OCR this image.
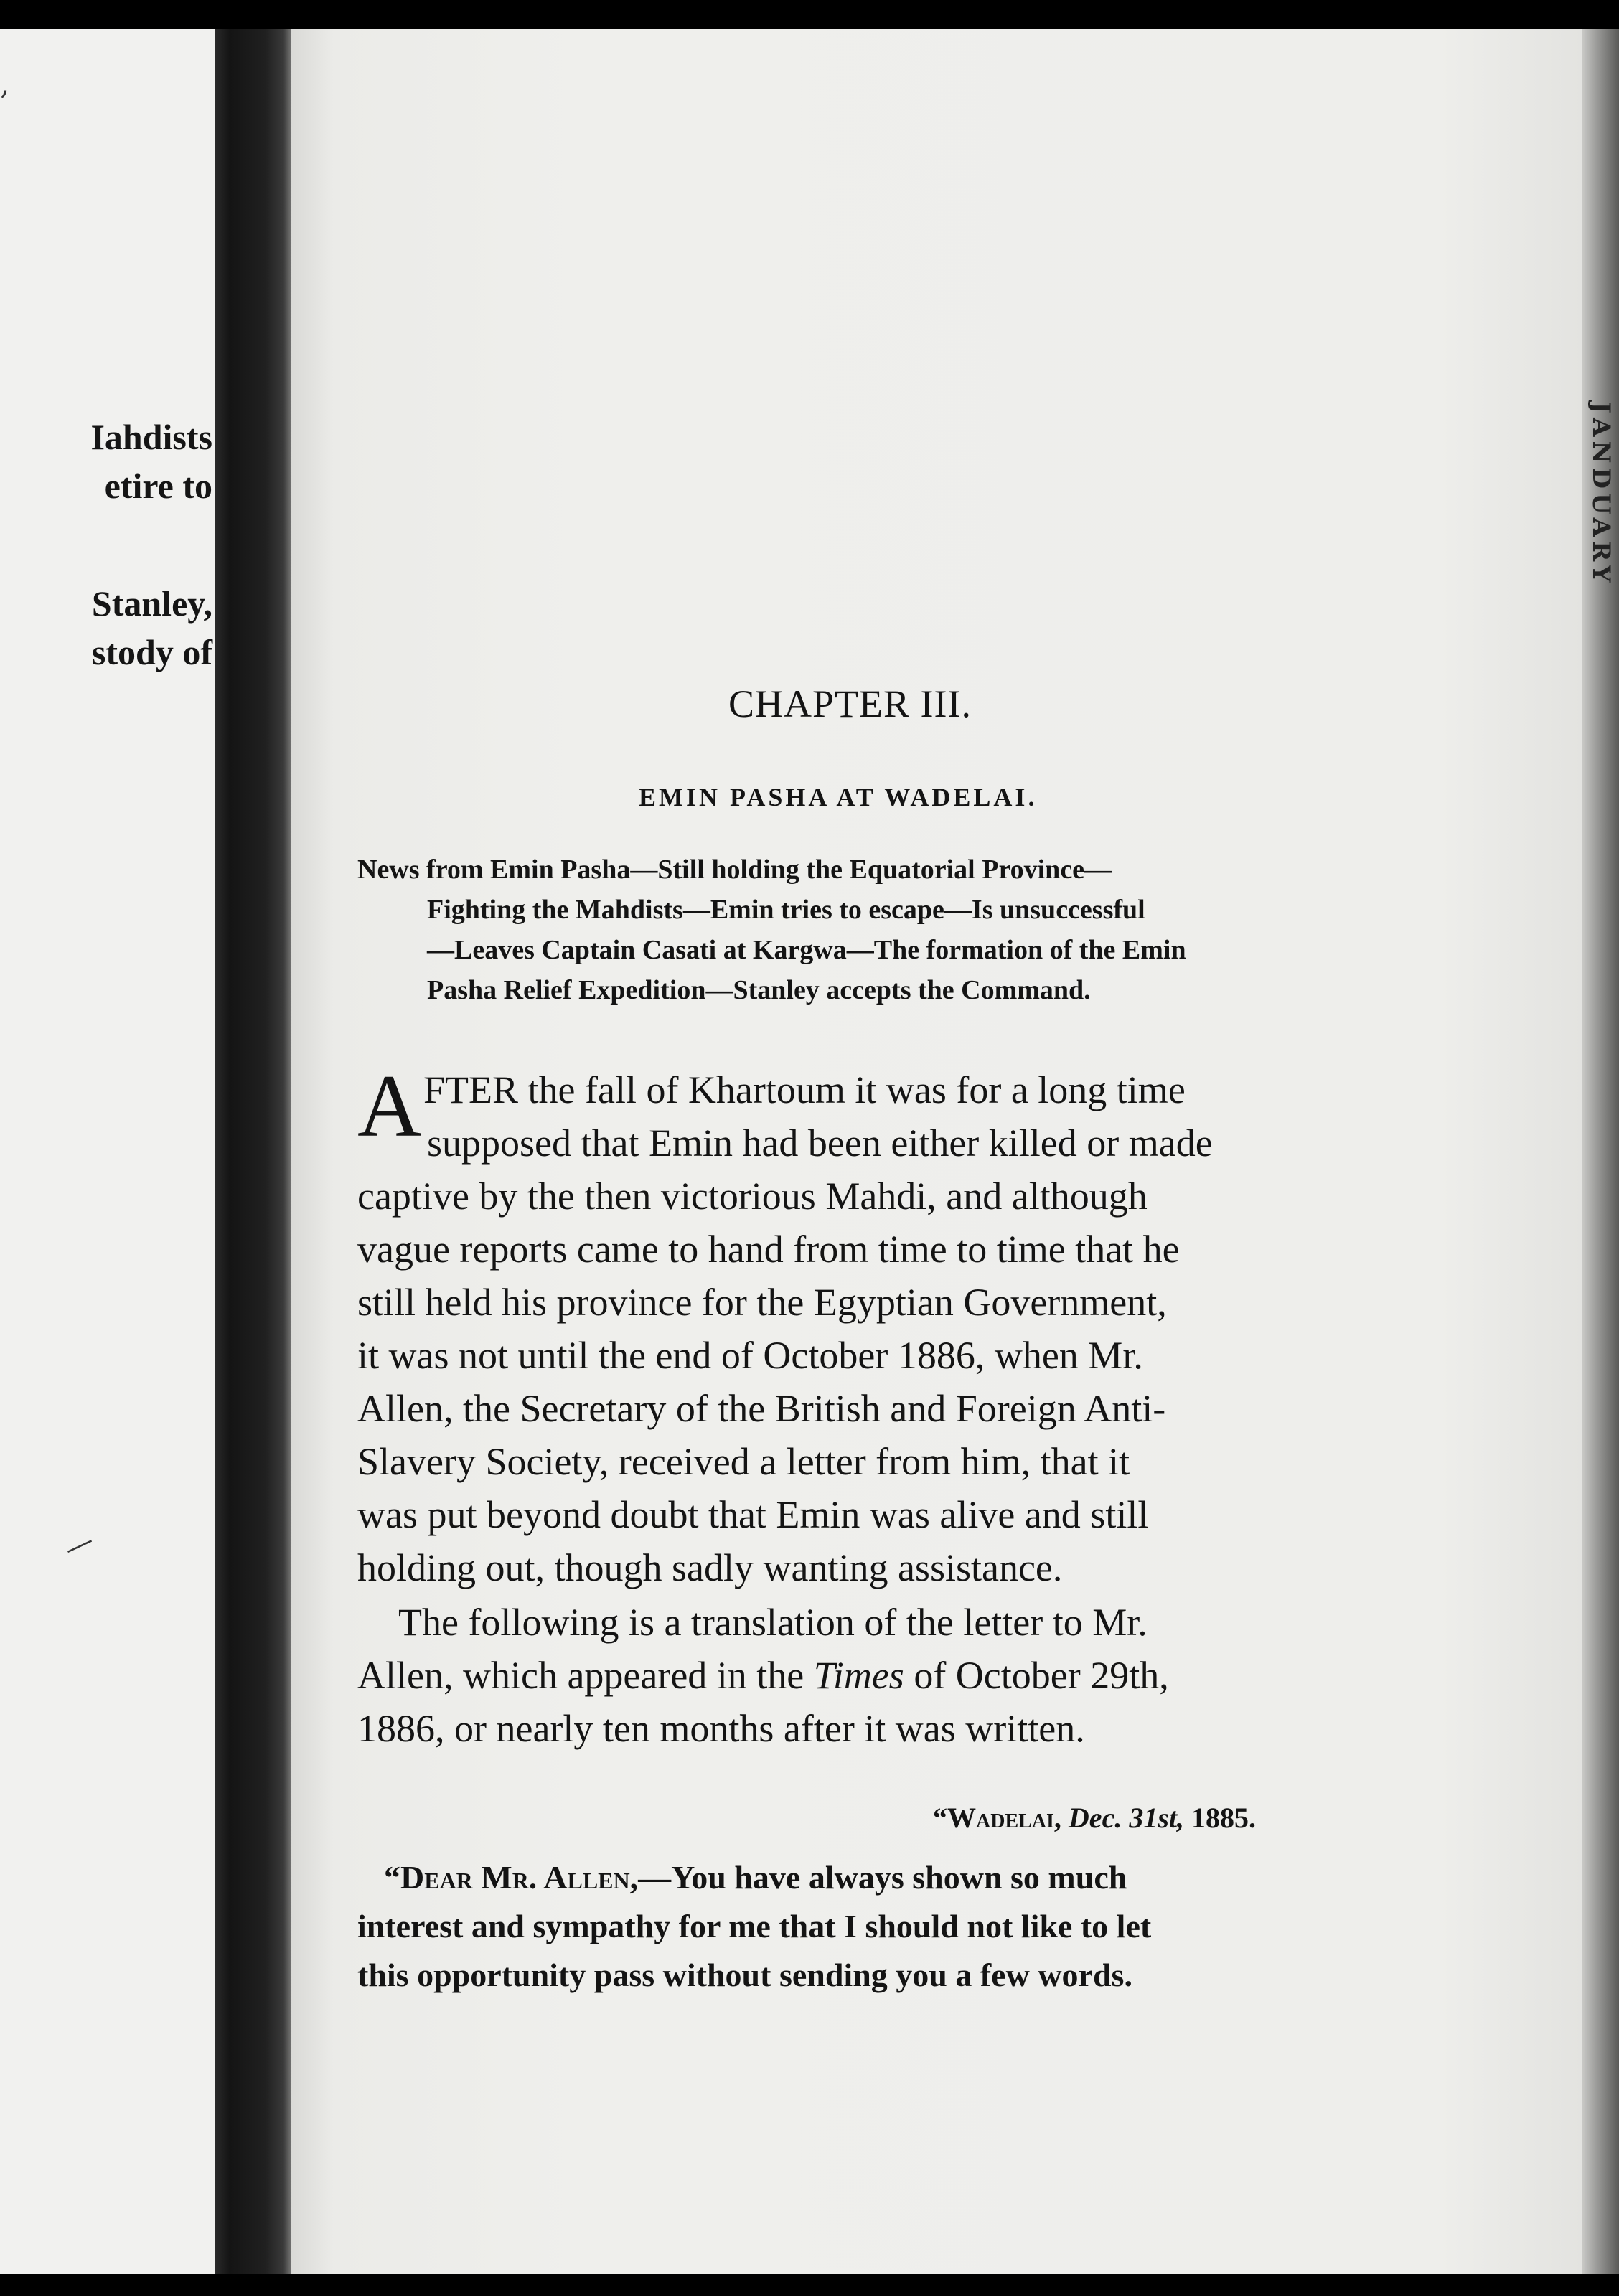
‚
Iahdists
etire to
Stanley,
stody of
—
CHAPTER III.
EMIN PASHA AT WADELAI.
News from Emin Pasha—Still holding the Equatorial Province—
Fighting the Mahdists—Emin tries to escape—Is unsuccessful
—Leaves Captain Casati at Kargwa—The formation of the Emin
Pasha Relief Expedition—Stanley accepts the Command.
A FTER the fall of Khartoum it was for a long time
supposed that Emin had been either killed or made
captive by the then victorious Mahdi, and although
vague reports came to hand from time to time that he
still held his province for the Egyptian Government,
it was not until the end of October 1886, when Mr.
Allen, the Secretary of the British and Foreign Anti-
Slavery Society, received a letter from him, that it
was put beyond doubt that Emin was alive and still
holding out, though sadly wanting assistance.
The following is a translation of the letter to Mr.
Allen, which appeared in the Times of October 29th,
1886, or nearly ten months after it was written.
“Wadelai, Dec. 31st, 1885.
“Dear Mr. Allen,—You have always shown so much
interest and sympathy for me that I should not like to let
this opportunity pass without sending you a few words.
JANDUARY
